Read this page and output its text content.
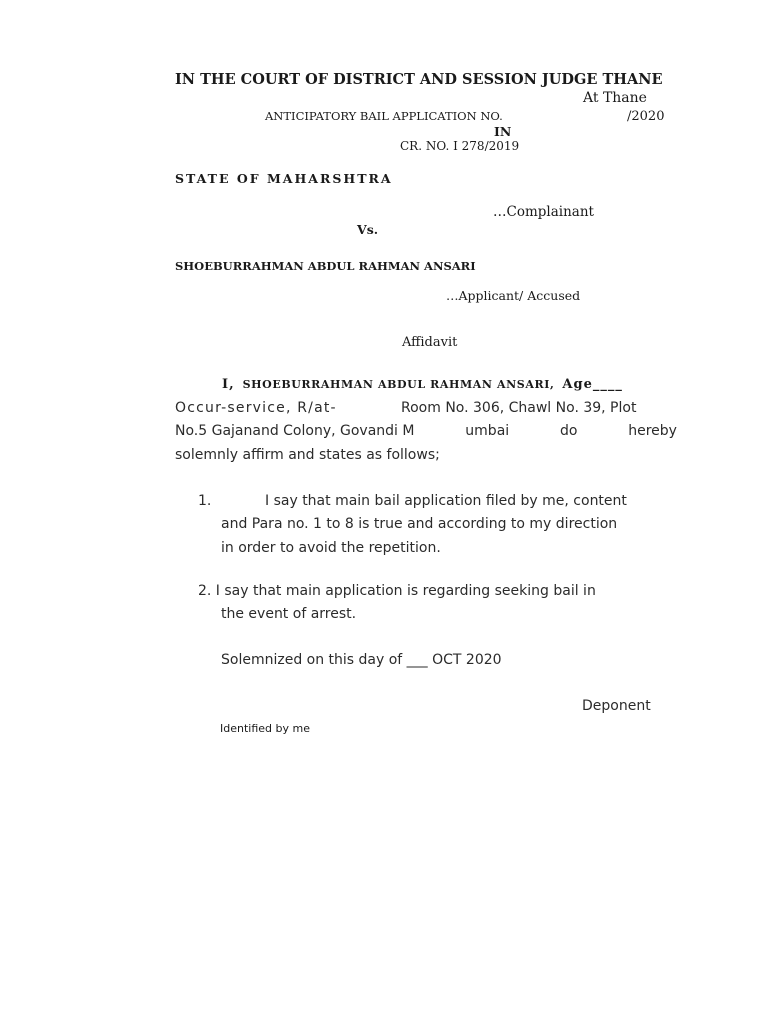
IN THE COURT OF DISTRICT AND SESSION JUDGE THANE
At Thane
ANTICIPATORY BAIL APPLICATION NO.	/2020
IN
CR. NO. I 278/2019
STATE OF MAHARSHTRA
…Complainant
Vs.
SHOEBURRAHMAN ABDUL RAHMAN ANSARI
…Applicant/ Accused
Affidavit
I, SHOEBURRAHMAN ABDUL RAHMAN ANSARI, Age____
Occur-service, R/at-	Room No. 306, Chawl No. 39, Plot
No.5 Gajanand Colony, Govandi M	umbai	do	hereby
solemnly affirm and states as follows;
1.	I say that main bail application filed by me, content
and Para no. 1 to 8 is true and according to my direction
in order to avoid the repetition.
2. I say that main application is regarding seeking bail in
the event of arrest.
Solemnized on this day of ___ OCT 2020
Deponent
Identified by me
